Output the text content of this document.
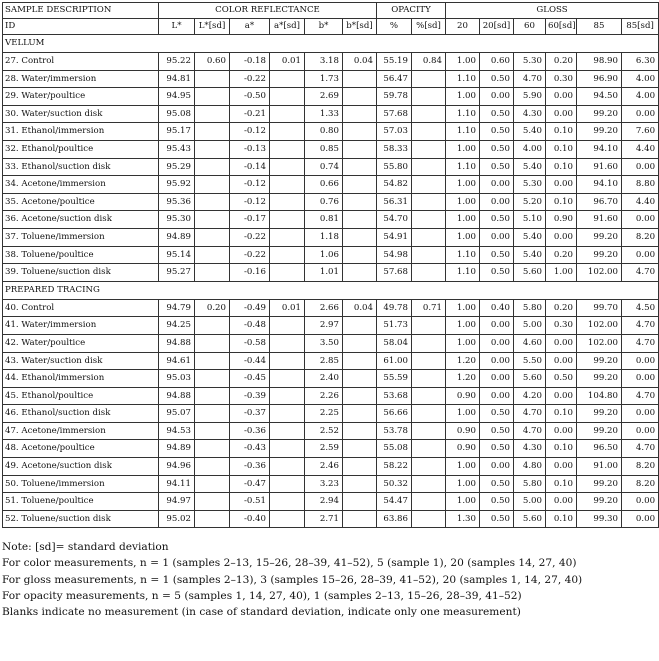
SAMPLE DESCRIPTION	COLOR REFLECTANCE						OPACITY		GLOSS					
ID	L*	L*[sd]	a*	a*[sd]	b*	b*[sd]	%	%[sd]	20	20[sd]	60	60[sd]	85	85[sd]
VELLUM														
27. Control	95.22	0.60	-0.18	0.01	3.18	0.04	55.19	0.84	1.00	0.60	5.30	0.20	98.90	6.30
28. Water/immersion	94.81		-0.22		1.73		56.47		1.10	0.50	4.70	0.30	96.90	4.00
29. Water/poultice	94.95		-0.50		2.69		59.78		1.00	0.00	5.90	0.00	94.50	4.00
30. Water/suction disk	95.08		-0.21		1.33		57.68		1.10	0.50	4.30	0.00	99.20	0.00
31. Ethanol/immersion	95.17		-0.12		0.80		57.03		1.10	0.50	5.40	0.10	99.20	7.60
32. Ethanol/poultice	95.43		-0.13		0.85		58.33		1.00	0.50	4.00	0.10	94.10	4.40
33. Ethanol/suction disk	95.29		-0.14		0.74		55.80		1.10	0.50	5.40	0.10	91.60	0.00
34. Acetone/immersion	95.92		-0.12		0.66		54.82		1.00	0.00	5.30	0.00	94.10	8.80
35. Acetone/poultice	95.36		-0.12		0.76		56.31		1.00	0.00	5.20	0.10	96.70	4.40
36. Acetone/suction disk	95.30		-0.17		0.81		54.70		1.00	0.50	5.10	0.90	91.60	0.00
37. Toluene/immersion	94.89		-0.22		1.18		54.91		1.00	0.00	5.40	0.00	99.20	8.20
38. Toluene/poultice	95.14		-0.22		1.06		54.98		1.10	0.50	5.40	0.20	99.20	0.00
39. Toluene/suction disk	95.27		-0.16		1.01		57.68		1.10	0.50	5.60	1.00	102.00	4.70
PREPARED TRACING														
40. Control	94.79	0.20	-0.49	0.01	2.66	0.04	49.78	0.71	1.00	0.40	5.80	0.20	99.70	4.50
41. Water/immersion	94.25		-0.48		2.97		51.73		1.00	0.00	5.00	0.30	102.00	4.70
42. Water/poultice	94.88		-0.58		3.50		58.04		1.00	0.00	4.60	0.00	102.00	4.70
43. Water/suction disk	94.61		-0.44		2.85		61.00		1.20	0.00	5.50	0.00	99.20	0.00
44. Ethanol/immersion	95.03		-0.45		2.40		55.59		1.20	0.00	5.60	0.50	99.20	0.00
45. Ethanol/poultice	94.88		-0.39		2.26		53.68		0.90	0.00	4.20	0.00	104.80	4.70
46. Ethanol/suction disk	95.07		-0.37		2.25		56.66		1.00	0.50	4.70	0.10	99.20	0.00
47. Acetone/immersion	94.53		-0.36		2.52		53.78		0.90	0.50	4.70	0.00	99.20	0.00
48. Acetone/poultice	94.89		-0.43		2.59		55.08		0.90	0.50	4.30	0.10	96.50	4.70
49. Acetone/suction disk	94.96		-0.36		2.46		58.22		1.00	0.00	4.80	0.00	91.00	8.20
50. Toluene/immersion	94.11		-0.47		3.23		50.32		1.00	0.50	5.80	0.10	99.20	8.20
51. Toluene/poultice	94.97		-0.51		2.94		54.47		1.00	0.50	5.00	0.00	99.20	0.00
52. Toluene/suction disk	95.02		-0.40		2.71		63.86		1.30	0.50	5.60	0.10	99.30	0.00
Note: [sd]= standard deviation
For color measurements, n = 1 (samples 2–13, 15–26, 28–39, 41–52), 5 (sample 1), 20 (samples 14, 27, 40)
For gloss measurements, n = 1 (samples 2–13), 3 (samples 15–26, 28–39, 41–52), 20 (samples 1, 14, 27, 40)
For opacity measurements, n = 5 (samples 1, 14, 27, 40), 1 (samples 2–13, 15–26, 28–39, 41–52)
Blanks indicate no measurement (in case of standard deviation, indicate only one measurement)
